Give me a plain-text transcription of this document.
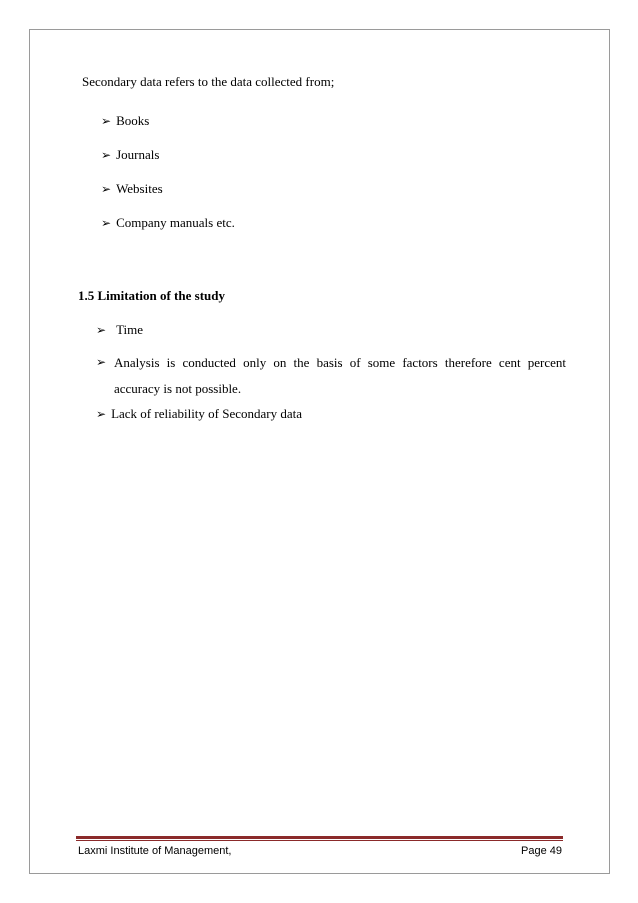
Secondary data refers to the data collected from;
➢ Books
➢ Journals
➢ Websites
➢ Company manuals etc.
1.5 Limitation of the study
➢ Time
➢ Analysis is conducted only on the basis of some factors therefore cent percent accuracy is not possible.
➢ Lack of reliability of Secondary data
Laxmi Institute of Management,	Page 49
